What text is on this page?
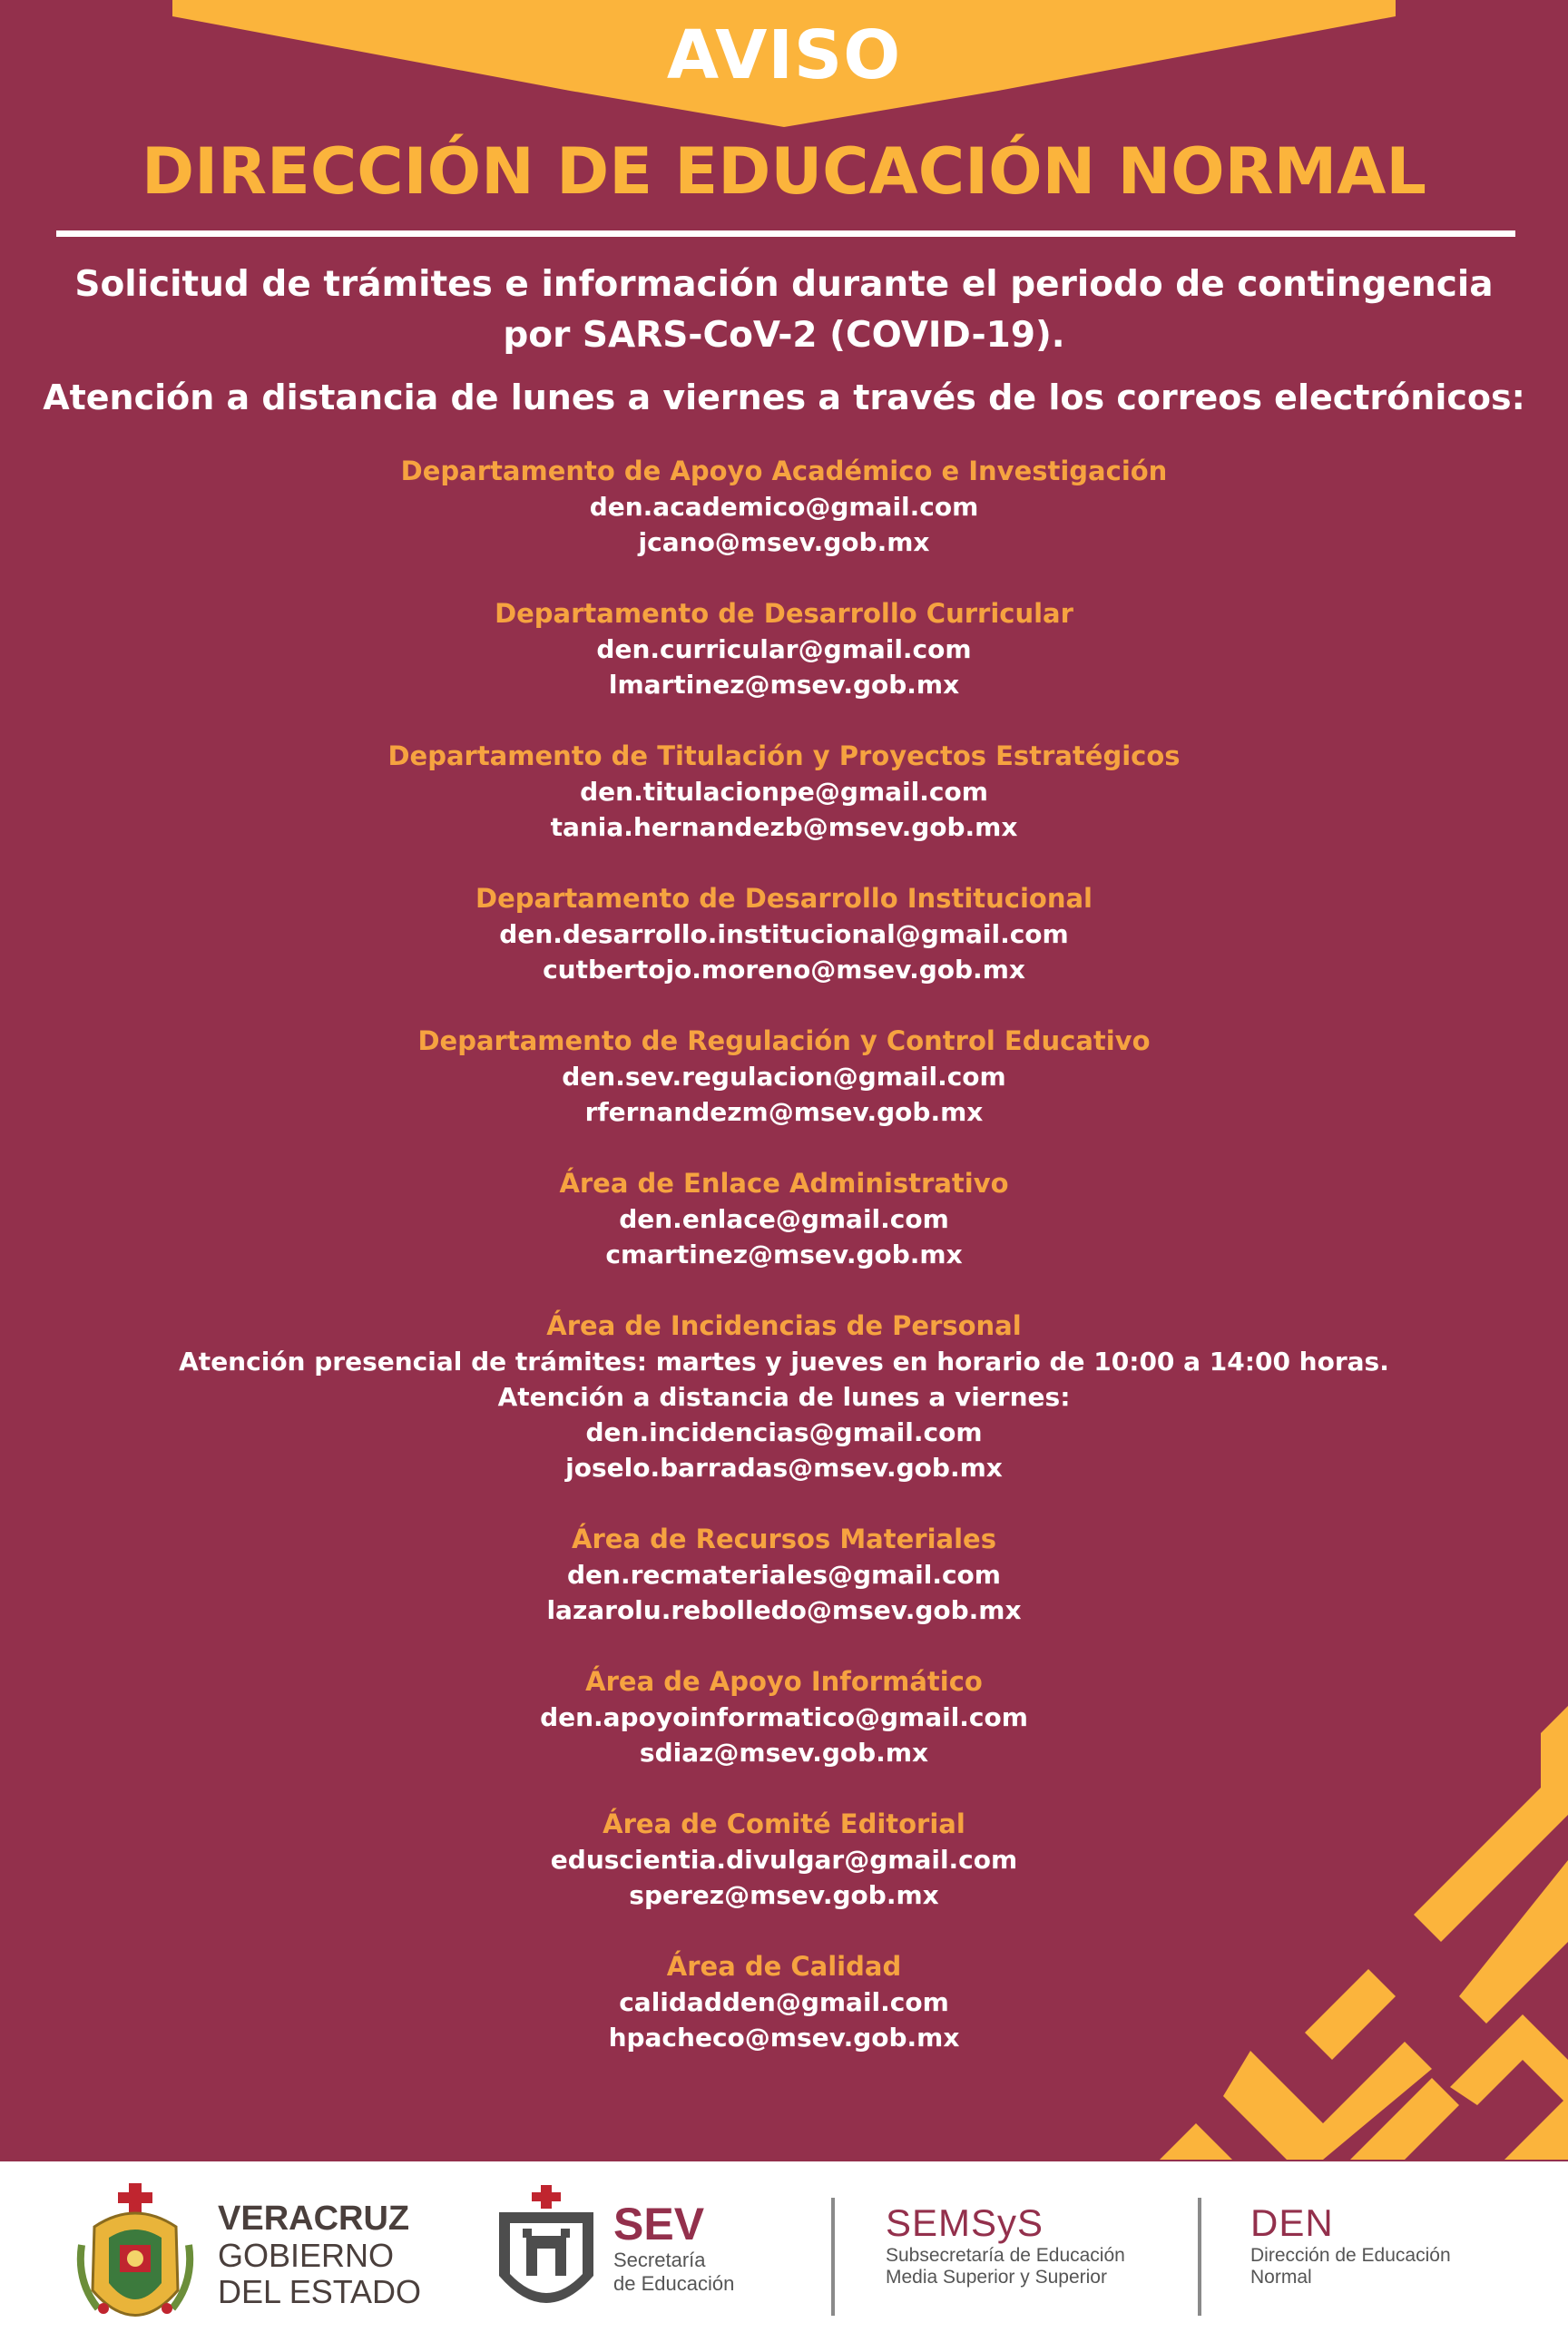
AVISO
DIRECCIÓN DE EDUCACIÓN NORMAL
Solicitud de trámites e información durante el periodo de contingencia
por SARS-CoV-2 (COVID-19).
Atención a distancia de lunes a viernes a través de los correos electrónicos:
Departamento de Apoyo Académico e Investigación
den.academico@gmail.com
jcano@msev.gob.mx
Departamento de Desarrollo Curricular
den.curricular@gmail.com
lmartinez@msev.gob.mx
Departamento de Titulación y Proyectos Estratégicos
den.titulacionpe@gmail.com
tania.hernandezb@msev.gob.mx
Departamento de Desarrollo Institucional
den.desarrollo.institucional@gmail.com
cutbertojo.moreno@msev.gob.mx
Departamento de Regulación y Control Educativo
den.sev.regulacion@gmail.com
rfernandezm@msev.gob.mx
Área de Enlace Administrativo
den.enlace@gmail.com
cmartinez@msev.gob.mx
Área de Incidencias de Personal
Atención presencial de trámites: martes y jueves en horario de 10:00 a 14:00 horas.
Atención a distancia de lunes a viernes:
den.incidencias@gmail.com
joselo.barradas@msev.gob.mx
Área de Recursos Materiales
den.recmateriales@gmail.com
lazarolu.rebolledo@msev.gob.mx
Área de Apoyo Informático
den.apoyoinformatico@gmail.com
sdiaz@msev.gob.mx
Área de Comité Editorial
eduscientia.divulgar@gmail.com
sperez@msev.gob.mx
Área de Calidad
calidadden@gmail.com
hpacheco@msev.gob.mx
VERACRUZ
GOBIERNO
DEL ESTADO
SEV
Secretaría
de Educación
SEMSyS
Subsecretaría de Educación
Media Superior y Superior
DEN
Dirección de Educación
Normal
